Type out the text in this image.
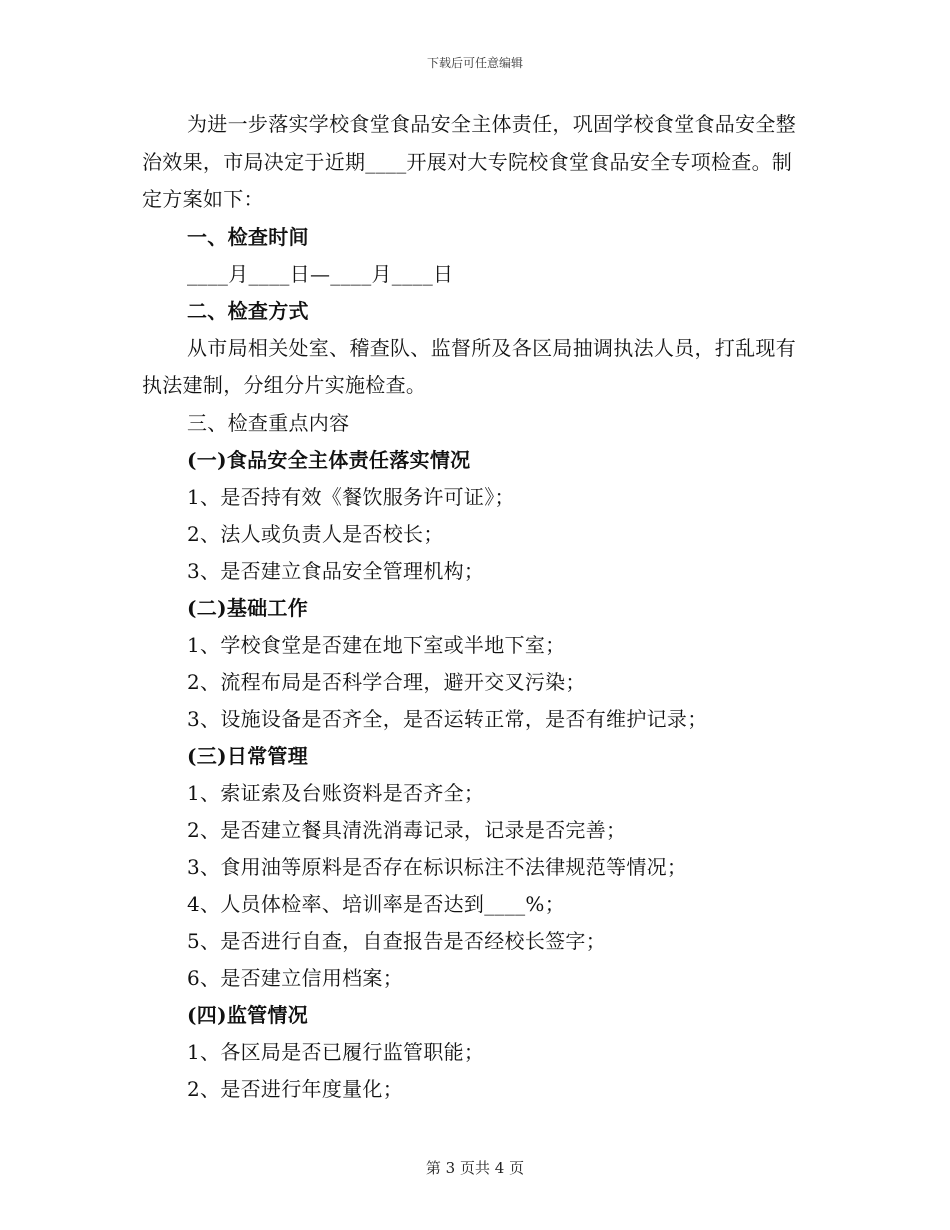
下载后可任意编辑

为进一步落实学校食堂食品安全主体责任，巩固学校食堂食品安全整治效果，市局决定于近期____开展对大专院校食堂食品安全专项检查。制定方案如下：

一、检查时间

____月____日—____月____日

二、检查方式

从市局相关处室、稽查队、监督所及各区局抽调执法人员，打乱现有执法建制，分组分片实施检查。

三、检查重点内容

(一)食品安全主体责任落实情况

1、是否持有效《餐饮服务许可证》；

2、法人或负责人是否校长；

3、是否建立食品安全管理机构；

(二)基础工作

1、学校食堂是否建在地下室或半地下室；

2、流程布局是否科学合理，避开交叉污染；

3、设施设备是否齐全，是否运转正常，是否有维护记录；

(三)日常管理

1、索证索及台账资料是否齐全；

2、是否建立餐具清洗消毒记录，记录是否完善；

3、食用油等原料是否存在标识标注不法律规范等情况；

4、人员体检率、培训率是否达到____%；

5、是否进行自查，自查报告是否经校长签字；

6、是否建立信用档案；

(四)监管情况

1、各区局是否已履行监管职能；

2、是否进行年度量化；

第 3 页共 4 页
